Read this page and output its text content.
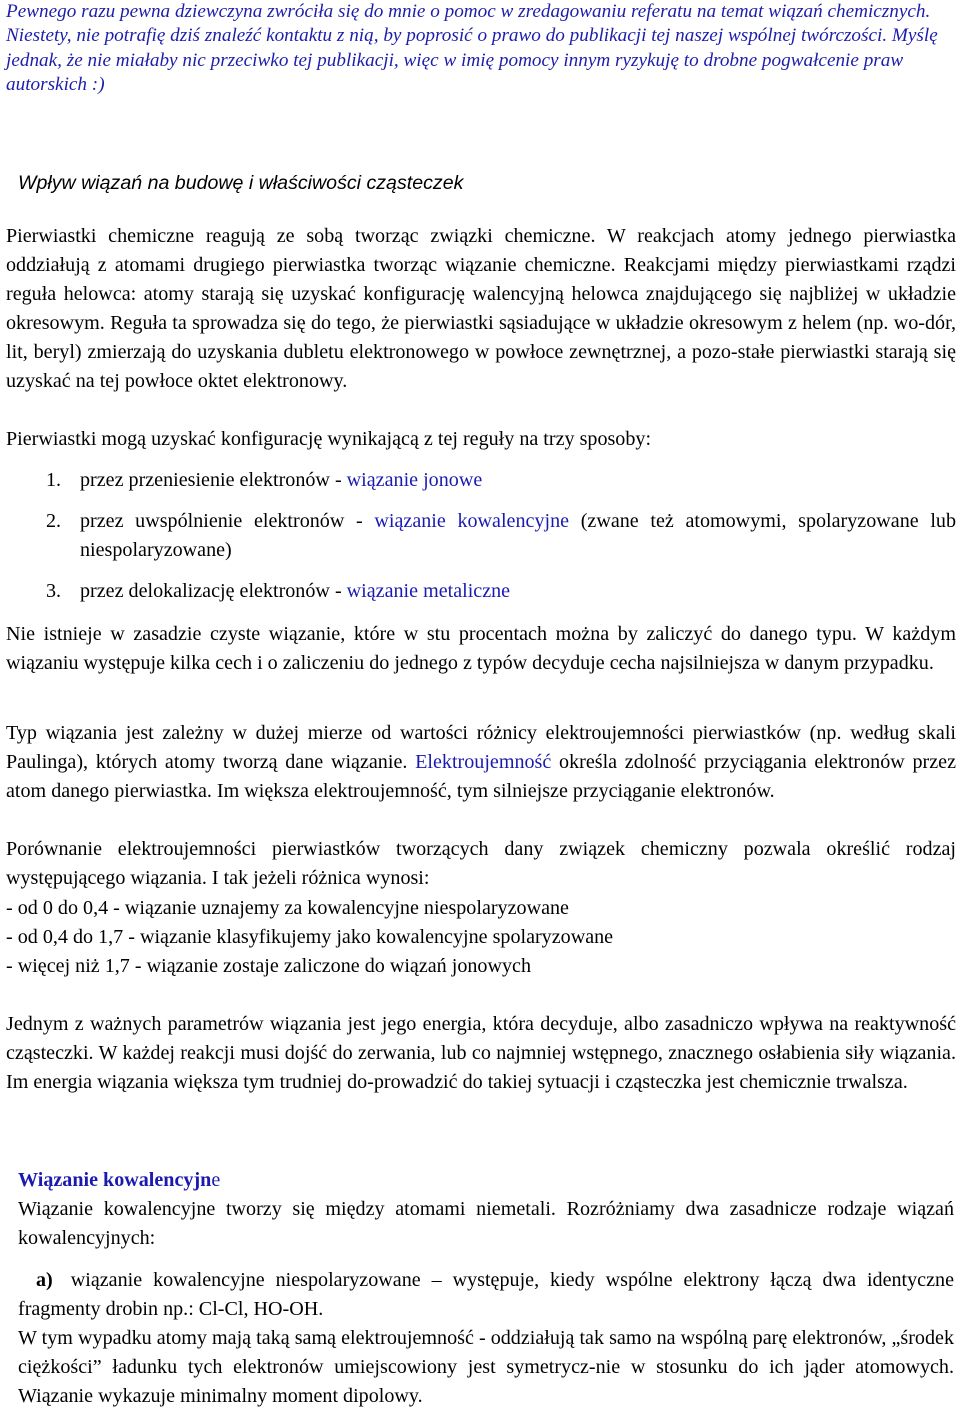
Pewnego razu pewna dziewczyna zwróciła się do mnie o pomoc w zredagowaniu referatu na temat wiązań chemicznych. Niestety, nie potrafię dziś znaleźć kontaktu z nią, by poprosić o prawo do publikacji tej naszej wspólnej twórczości. Myślę jednak, że nie miałaby nic przeciwko tej publikacji, więc w imię pomocy innym ryzykuję to drobne pogwałcenie praw autorskich :)
Wpływ wiązań na budowę i właściwości cząsteczek

Pierwiastki chemiczne reagują ze sobą tworząc związki chemiczne. W reakcjach atomy jednego pierwiastka oddziałują z atomami drugiego pierwiastka tworząc wiązanie chemiczne. Reakcjami między pierwiastkami rządzi reguła helowca: atomy starają się uzyskać konfigurację walencyjną helowca znajdującego się najbliżej w układzie okresowym. Reguła ta sprowadza się do tego, że pierwiastki sąsiadujące w układzie okresowym z helem (np. wo-dór, lit, beryl) zmierzają do uzyskania dubletu elektronowego w powłoce zewnętrznej, a pozo-stałe pierwiastki starają się uzyskać na tej powłoce oktet elektronowy.

Pierwiastki mogą uzyskać konfigurację wynikającą z tej reguły na trzy sposoby:

1. przez przeniesienie elektronów - wiązanie jonowe
2. przez uwspólnienie elektronów - wiązanie kowalencyjne (zwane też atomowymi, spolaryzowane lub niespolaryzowane)
3. przez delokalizację elektronów - wiązanie metaliczne

Nie istnieje w zasadzie czyste wiązanie, które w stu procentach można by zaliczyć do danego typu. W każdym wiązaniu występuje kilka cech i o zaliczeniu do jednego z typów decyduje cecha najsilniejsza w danym przypadku.

Typ wiązania jest zależny w dużej mierze od wartości różnicy elektroujemności pierwiastków (np. według skali Paulinga), których atomy tworzą dane wiązanie. Elektroujemność określa zdolność przyciągania elektronów przez atom danego pierwiastka. Im większa elektroujemność, tym silniejsze przyciąganie elektronów.

Porównanie elektroujemności pierwiastków tworzących dany związek chemiczny pozwala określić rodzaj występującego wiązania. I tak jeżeli różnica wynosi:

- od 0 do 0,4 - wiązanie uznajemy za kowalencyjne niespolaryzowane
- od 0,4 do 1,7 - wiązanie klasyfikujemy jako kowalencyjne spolaryzowane
- więcej niż 1,7 - wiązanie zostaje zaliczone do wiązań jonowych

Jednym z ważnych parametrów wiązania jest jego energia, która decyduje, albo zasadniczo wpływa na reaktywność cząsteczki. W każdej reakcji musi dojść do zerwania, lub co najmniej wstępnego, znacznego osłabienia siły wiązania. Im energia wiązania większa tym trudniej do-prowadzić do takiej sytuacji i cząsteczka jest chemicznie trwalsza.

Wiązanie kowalencyjne

Wiązanie kowalencyjne tworzy się między atomami niemetali. Rozróżniamy dwa zasadnicze rodzaje wiązań kowalencyjnych:

a) wiązanie kowalencyjne niespolaryzowane – występuje, kiedy wspólne elektrony łączą dwa identyczne fragmenty drobin np.: Cl-Cl, HO-OH.

W tym wypadku atomy mają taką samą elektroujemność - oddziałują tak samo na wspólną parę elektronów, „środek ciężkości” ładunku tych elektronów umiejscowiony jest symetrycz-nie w stosunku do ich jąder atomowych. Wiązanie wykazuje minimalny moment dipolowy.
